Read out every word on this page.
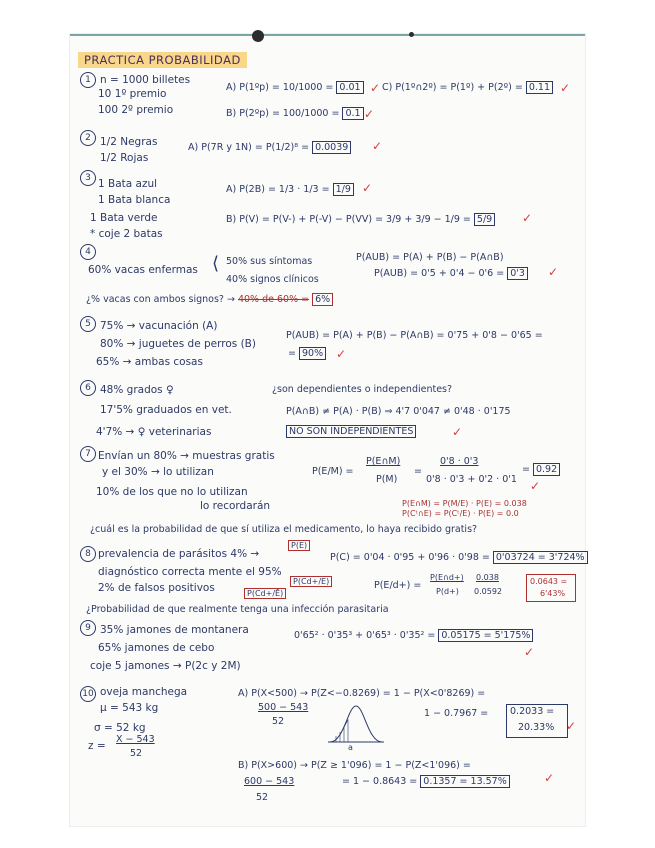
PRACTICA PROBABILIDAD
1 n = 1000 billetes
10 1º premio
100 2º premio
A) P(1ºp) = 10/1000 = 0.01 ✓ C) P(1º∩2º) = P(1º) + P(2º) = 0.11 ✓
B) P(2ºp) = 100/1000 = 0.1 ✓
2 1/2 Negras
1/2 Rojas
A) P(7R y 1N) = P(1/2)⁸ = 0.0039 ✓
3 1 Bata azul
1 Bata blanca
1 Bata verde
* coje 2 batas
A) P(2B) = 1/3 · 1/3 = 1/9 ✓
B) P(V) = P(V-) + P(-V) − P(VV) = 3/9 + 3/9 − 1/9 = 5/9 ✓
4
60% vacas enfermas
50% sus síntomas
40% signos clínicos
⟨	P(AUB) = P(A) + P(B) − P(A∩B)
P(AUB) = 0'5 + 0'4 − 0'6 = 0'3 ✓
¿% vacas con ambos signos? → 40% de 60% = 6%
5 75% → vacunación (A)
80% → juguetes de perros (B)
65% → ambas cosas
P(AUB) = P(A) + P(B) − P(A∩B) = 0'75 + 0'8 − 0'65 =
= 90% ✓
6 48% grados ♀
17'5% graduados en vet.
4'7% → ♀ veterinarias
¿son dependientes o independientes?
P(A∩B) ≠ P(A) · P(B) ⇒ 4'7 0'047 ≠ 0'48 · 0'175
NO SON INDEPENDIENTES	✓
7 Envían un 80% → muestras gratis
y el 30% → lo utilizan
10% de los que no lo utilizan
lo recordarán
P(E/M) =
P(E∩M)
P(M)
=
0'8 · 0'3
0'8 · 0'3 + 0'2 · 0'1
= 0.92
✓
P(E∩M) = P(M/E) · P(E) = 0.038
P(Cᵗ∩E) = P(Cᵗ/E) · P(E) = 0.0
¿cuál es la probabilidad de que sí utiliza el medicamento, lo haya recibido gratis?
8 prevalencia de parásitos 4% →
P(E)
diagnóstico correcta mente el 95%
2% de falsos positivos
P(Cd+/E)
P(Cd+/Ē)
P(C) = 0'04 · 0'95 + 0'96 · 0'98 = 0'03724 = 3'724%
P(E/d+) =
P(E∩d+)
P(d+)
0.038
0.0592
0.0643 =
6'43%
¿Probabilidad de que realmente tenga una infección parasitaria
9 35% jamones de montanera
65% jamones de cebo
coje 5 jamones → P(2c y 2M)
0'65² · 0'35³ + 0'65³ · 0'35² = 0.05175 = 5'175%
✓
10 oveja manchega
μ = 543 kg
σ = 52 kg
z =
X − 543
52
A) P(X<500) → P(Z<−0.8269) = 1 − P(X<0'8269) =
500 − 543
52
1 − 0.7967 = 0.2033 =
20.33% ✓
a
B) P(X>600) → P(Z ≥ 1'096) = 1 − P(Z<1'096) =
600 − 543
52
= 1 − 0.8643 = 0.1357 = 13.57%	✓
